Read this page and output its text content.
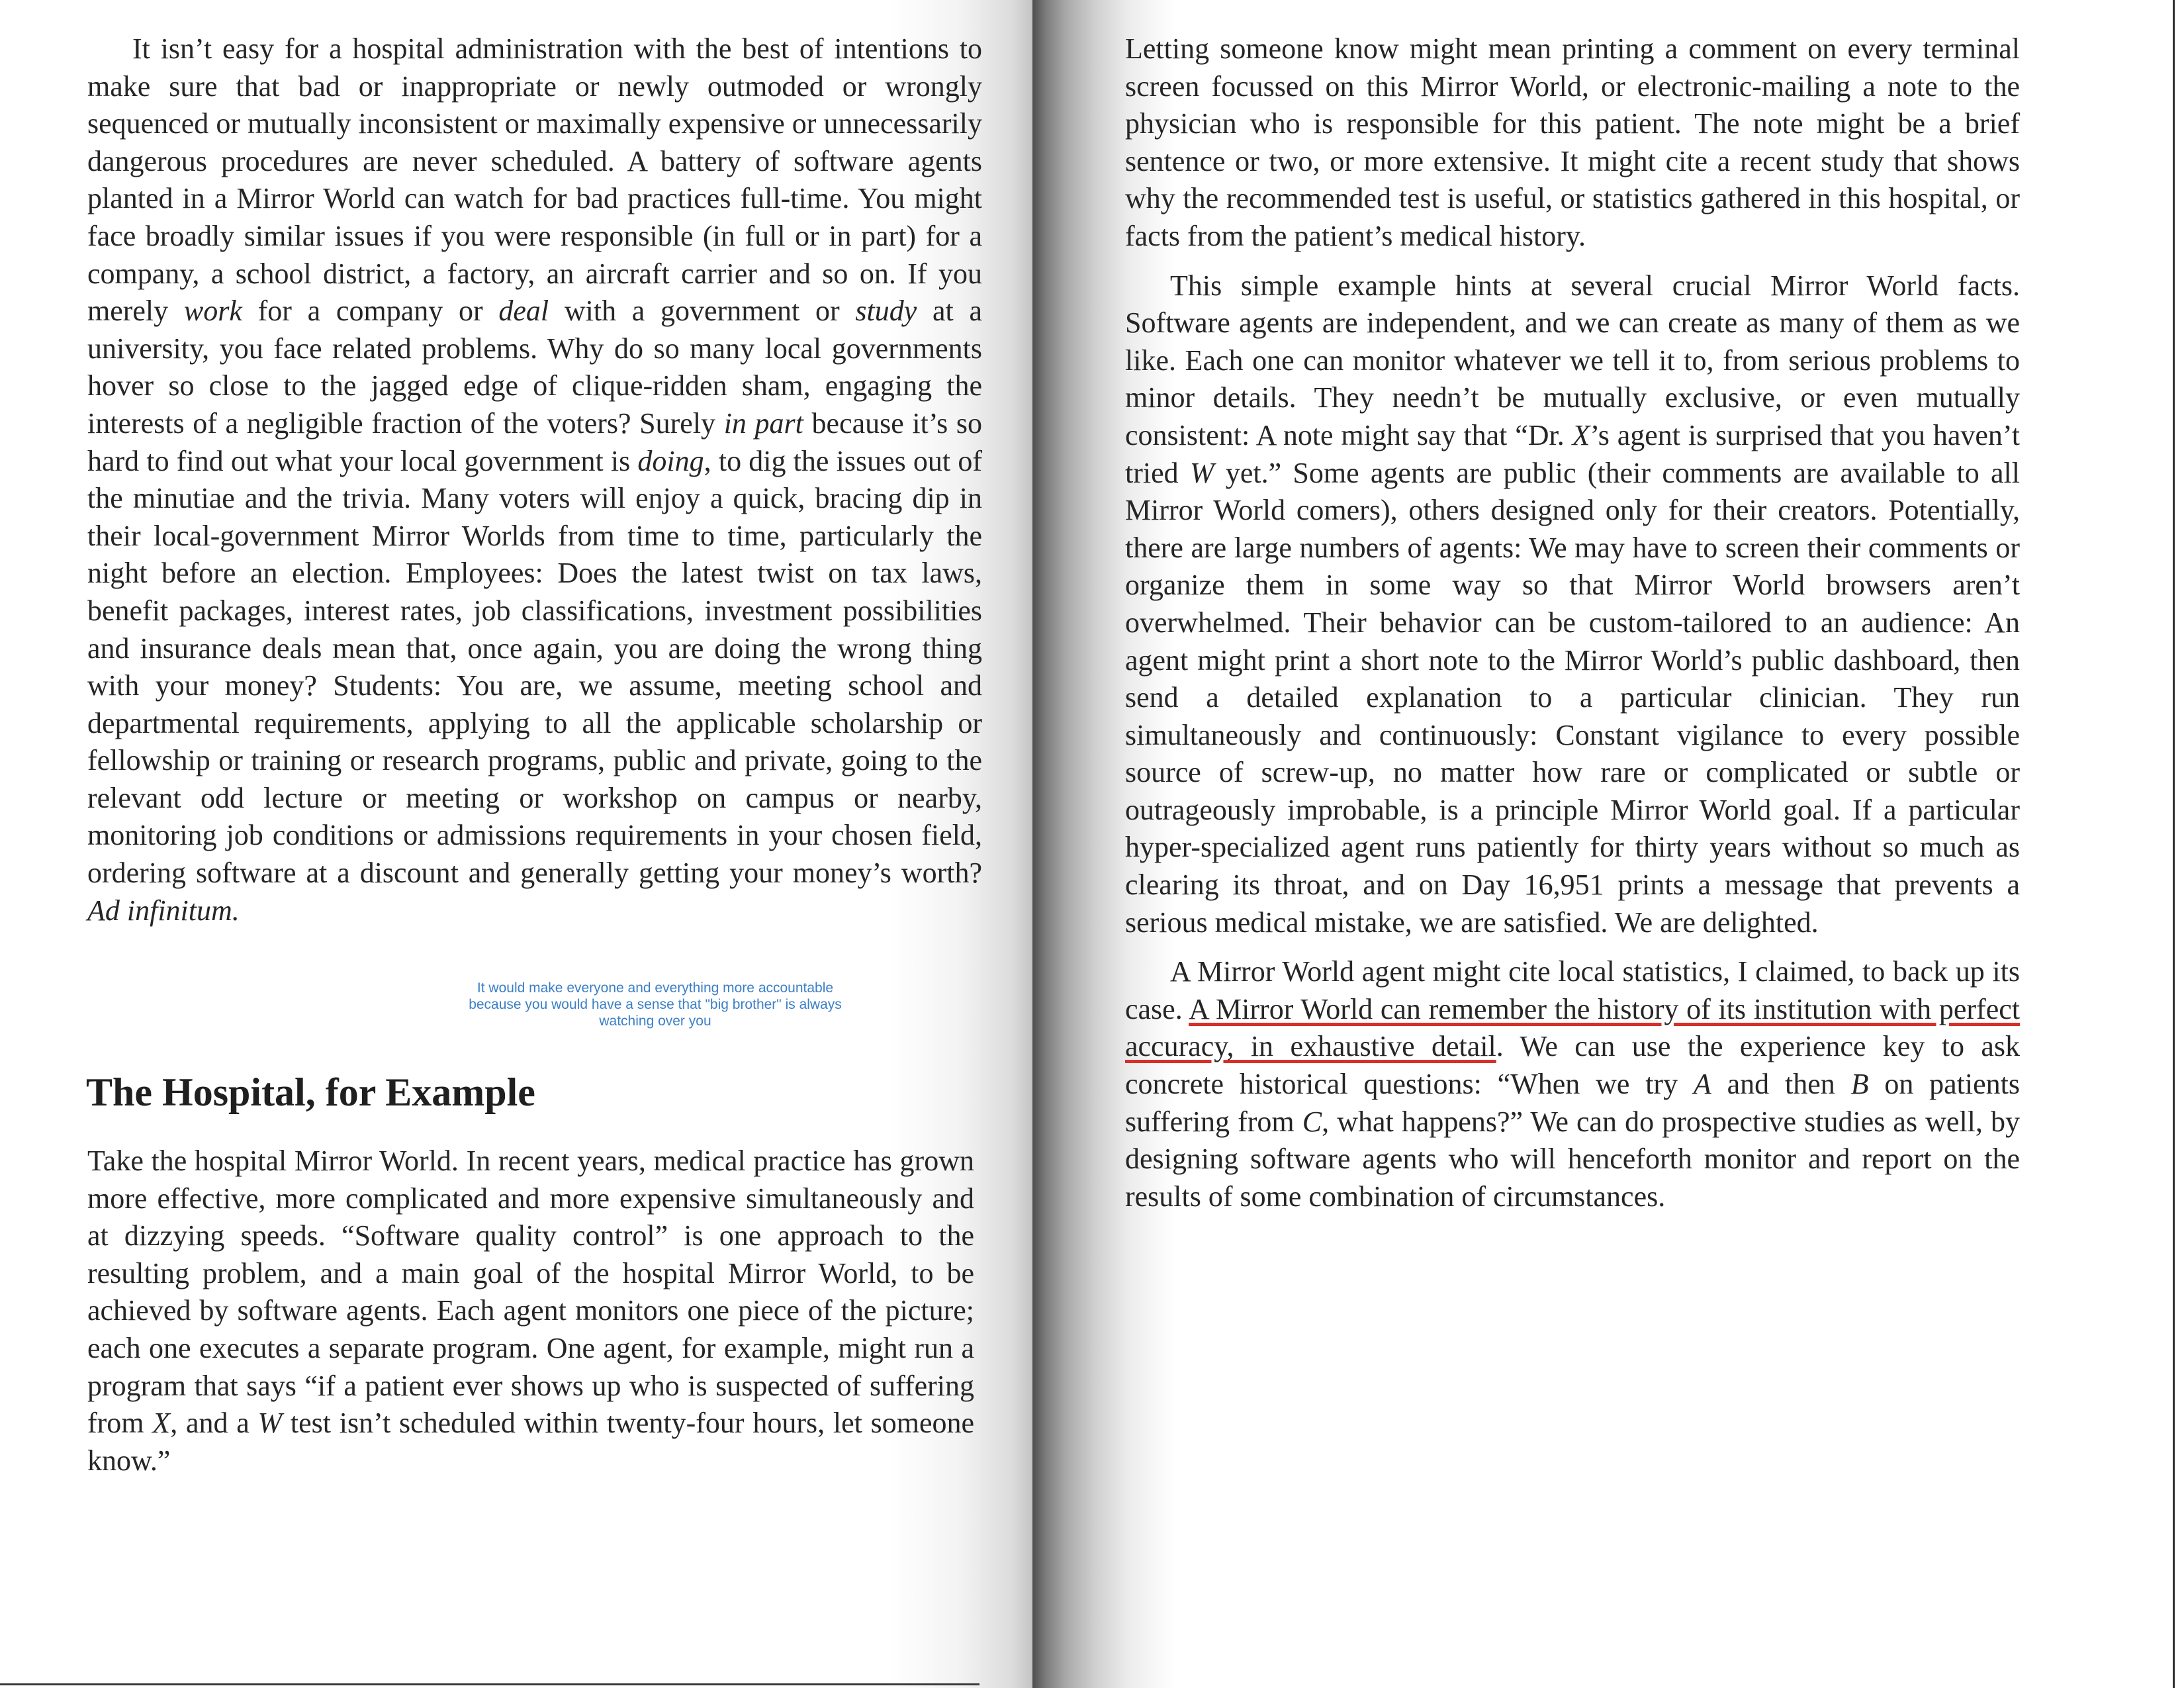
It isn’t easy for a hospital administration with the best of intentions to make sure that bad or inappropriate or newly outmoded or wrongly sequenced or mutually inconsistent or maximally expensive or unnecessarily dangerous procedures are never scheduled. A battery of software agents planted in a Mirror World can watch for bad practices full-time. You might face broadly similar issues if you were responsible (in full or in part) for a company, a school district, a factory, an aircraft carrier and so on. If you merely work for a company or deal with a government or study at a university, you face related problems. Why do so many local governments hover so close to the jagged edge of clique-ridden sham, engaging the interests of a negligible fraction of the voters? Surely in part because it’s so hard to find out what your local government is doing, to dig the issues out of the minutiae and the trivia. Many voters will enjoy a quick, bracing dip in their local-government Mirror Worlds from time to time, particularly the night before an election. Employees: Does the latest twist on tax laws, benefit packages, interest rates, job classifications, investment possibilities and insurance deals mean that, once again, you are doing the wrong thing with your money? Students: You are, we assume, meeting school and departmental requirements, applying to all the applicable scholarship or fellowship or training or research programs, public and private, going to the relevant odd lecture or meeting or workshop on campus or nearby, monitoring job conditions or admissions requirements in your chosen field, ordering software at a discount and generally getting your money’s worth? Ad infinitum.

It would make everyone and everything more accountable because you would have a sense that "big brother" is always watching over you
The Hospital, for Example

Take the hospital Mirror World. In recent years, medical practice has grown more effective, more complicated and more expensive simultaneously and at dizzying speeds. “Software quality control” is one approach to the resulting problem, and a main goal of the hospital Mirror World, to be achieved by software agents. Each agent monitors one piece of the picture; each one executes a separate program. One agent, for example, might run a program that says “if a patient ever shows up who is suspected of suffering from X, and a W test isn’t scheduled within twenty-four hours, let someone know.”

Letting someone know might mean printing a comment on every terminal screen focussed on this Mirror World, or electronic-mailing a note to the physician who is responsible for this patient. The note might be a brief sentence or two, or more extensive. It might cite a recent study that shows why the recommended test is useful, or statistics gathered in this hospital, or facts from the patient’s medical history.

This simple example hints at several crucial Mirror World facts. Software agents are independent, and we can create as many of them as we like. Each one can monitor whatever we tell it to, from serious problems to minor details. They needn’t be mutually exclusive, or even mutually consistent: A note might say that “Dr. X’s agent is surprised that you haven’t tried W yet.” Some agents are public (their comments are available to all Mirror World comers), others designed only for their creators. Potentially, there are large numbers of agents: We may have to screen their comments or organize them in some way so that Mirror World browsers aren’t overwhelmed. Their behavior can be custom-tailored to an audience: An agent might print a short note to the Mirror World’s public dashboard, then send a detailed explanation to a particular clinician. They run simultaneously and continuously: Constant vigilance to every possible source of screw-up, no matter how rare or complicated or subtle or outrageously improbable, is a principle Mirror World goal. If a particular hyper-specialized agent runs patiently for thirty years without so much as clearing its throat, and on Day 16,951 prints a message that prevents a serious medical mistake, we are satisfied. We are delighted.

A Mirror World agent might cite local statistics, I claimed, to back up its case. A Mirror World can remember the history of its institution with perfect accuracy, in exhaustive detail. We can use the experience key to ask concrete historical questions: “When we try A and then B on patients suffering from C, what happens?” We can do prospective studies as well, by designing software agents who will henceforth monitor and report on the results of some combination of circumstances.
